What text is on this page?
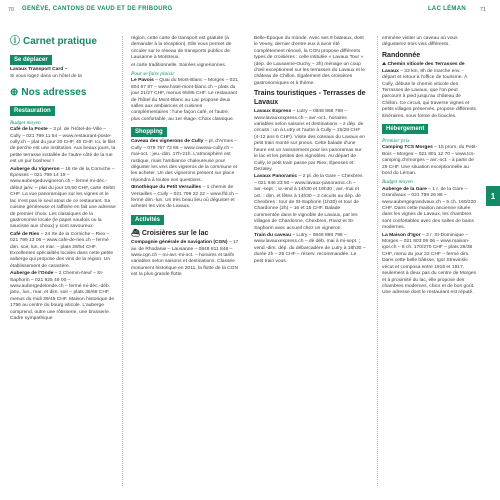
70 GENÈVE, CANTONS DE VAUD ET DE FRIBOURG	LAC LÉMAN	71
ⓘ Carnet pratique
Se déplacer

Lavaux Transport Card –

Si vous logez dans un hôtel de la

⊕ Nos adresses
Restauration
Budget moyen

Café de la Poste – 3 pl. de l'Hôtel-de-Ville – Cully – 021 799 11 54 – www.restaurant-poste-cully.ch – plat du jour 20 CHF, 40 CHF. Ici, le filet de perche est une institution. Aux beaux jours, la petite terrasse installée de l'autre côté de la rue est un pur bonheur !

Auberge du Vigneron – 16 rte de la Corniche – Épesses – 021 799 14 19 – www.aubergeduvigneron.ch – fermé mi-déc.-début janv. – plat du jour 19,50 CHF, carte 45/60 CHF. La vue panoramique sur les vignes et le lac n'est pas le seul atout de ce restaurant. Sa cuisine généreuse et raffinée en fait une adresse de premier choix. Les classiques de la gastronomie locale (le papet vaudois ou la saucisse aux choux) y sont savoureux.

Café de Riex – 24 rte de la Corniche – Riex – 021 799 13 06 – www.cafe-de-riex.ch – fermé dim. soir, lun. et mar. – plats 28/54 CHF. Excellentes spécialités locales dans cette petite auberge qui propose des vins de la région. Un établissement de caractère.

Auberge de l'Onde – 2 Chemin-Neuf – St-Saphorin – 021 925 49 00 – www.aubergedelonde.ch – fermé mi-déc.-déb. janv., lun., mar. et dim. soir – plats 35/68 CHF, menus du midi 39/45 CHF. Maison historique de 1756 au centre du bourg viticole. L'auberge comprend, outre une rôtisserie, une brasserie. Cadre sympathique

région, cette carte de transport est gratuite (à demander à la réception). Elle vous permet de circuler sur le réseau de transports publics de Lausanne à Montreux.

et carte traditionnelle. Soirées vignerionnes.

Pour se faire plaisir

Le Pavois – Quai du Mont-Blanc – Morges – 021 804 67 87 – www.hotel-mont-blanc.ch – plats du jour 21/27 CHF, menus 65/85 CHF. Le restaurant de l'hôtel du Mont-Blanc au Lac propose deux salles aux ambiances et cuisines complémentaires : l'une façon café, et l'autre, plus confortable, au 1er étage. Choix classique.

Shopping

Caveau des vignerons de Cully – pl. d'Armes – Cully – 079 767 72 66 – www.caveau-cully.ch – mai-oct. : jeu.-dim. 17h-21h. L'atmosphère est rustique, mais l'ambiance chaleureuse pour déguster les vins des vigneros de la commune et les acheter. Un des vignerons présent sur place répondra à toutes vos questions.

Œnothèque du Petit Versailles – 1 chemin de Versailles – Cully – 021 799 22 22 – www.ffd.ch – fermé dim.-lun. Un très beau lieu où déguster et acheter les vins de Lavaux.

Activités
⛴ Croisières sur le lac

Compagnie générale de navigation (CGN) – 17 av. de Rhodanie – Lausanne – 0848 811 848 – www.cgn.ch – mi-avr.-mi-oct. – horaires et tarifs variables selon saisons et destinations. Classée monument historique en 2011, la flotte de la CGN est la plus grande flotte

Belle-Époque du monde. Avec ses 8 bateaux, dont le Vevey, dernier d'entre eux à avoir été complètement rénové, la CGN propose différents types de croisières : celle intitulée « Lavaux Tour » (dép. de Lausanne-Ouchy – 3h) ménage un coup d'œil exceptionnel sur les terrasses du Lavaux et le château de Chillon. Également des croisières gastronomiques et à thème.

Trains touristiques - Terrasses de Lavaux

Lavaux Express – Lutry – 0848 868 798 – www.lavauxexpress.ch – avr.-oct., horaires variables selon saisons et destinations – 2 dép. de circuits : un à Lutry et l'autre à Cully – 15/28 CHF (4-12 ans 6 CHF). Visite des coteaux du Lavaux en petit train monté sur pneus. Cette balade d'une heure est un ravissement pour les panoramas sur le lac et les petites des vignobles. Au départ de Cully, le petit train passe par Riex, Épesses et Dezaley.

Lavaux Panoramic – 2 pl. de la Gare – Chexbres – 021 946 23 50 – www.lavaux-panoramic.ch – avr.-sept. ; w.-end à 14h30 et 16h30 ; avr.-mai et oct. : dim. et fêtes à 14h30 – 2 circuits au dép. de Chexbres : tour de St-Saphorin (1h30) et tour de Chardonne (2h) – 16 et 15 CHF. Balade commentée dans le vignoble de Lavaux, par les villages de Chardonne, Chexbres, Rivaz et St-Saphorin avec accueil chez un vigneron.

Train du caveau – Lutry – 0848 868 798 – www.lavauxexpress.ch – de déb. mai à mi-sept. ; vend.-dim. dép. du débarcadère de Lutry à 18h30 – durée 2h – 25 CHF – réserv. recommandée. Le petit train vous

emmène visiter un caveau où vous dégusterez trois vins différents.

Randonnée

⛰ Chemin viticole des Terrasses de Lavaux – 33 km, 8h de marche env. - départ et retour à l'office de tourisme. À Cully, débute le chemin viticole des Terrasses de Lavaux, que l'on peut parcourir à pied jusqu'au château de Chillon. Ce circuit, qui traverse vignes et petits villages préservés, propose différents itinéraires, sous forme de boucles.

Hébergement
Premier prix

Camping TCS Morges – 15 prom. du Petit-Bois – Morges – 021 801 12 70 – www.tcs-camping.ch/morges – avr.-oct. - à partir de 29 CHF. Une situation exceptionnelle au bord du Léman.

Budget moyen

Auberge de la Gare – 1 r. de la Gare – Grandvaux – 021 799 26 86 – www.aubergegrandvaux.ch – 5 ch. 160/220 CHF. Dans cette maison ancienne située dans les vignes de Lavaux, les chambres sont confortables avec des salles de bains modernes.

La Maison d'Igor – 2 r. St-Dominique – Morges – 021 803 06 06 – www.maison-igor.ch – 8 ch. 170/270 CHF – plats 28/38 CHF, menu du jour 22 CHF – fermé dim. Dans cette belle bâtisse, Igor Stravinski vécut et composa entre 1915 et 1917, seulement à deux pas du centre de Morges et à proximité du lac, elle propose des chambres modernes, chics et de bon goût. Une adresse dont le restaurant est réputé.

1
